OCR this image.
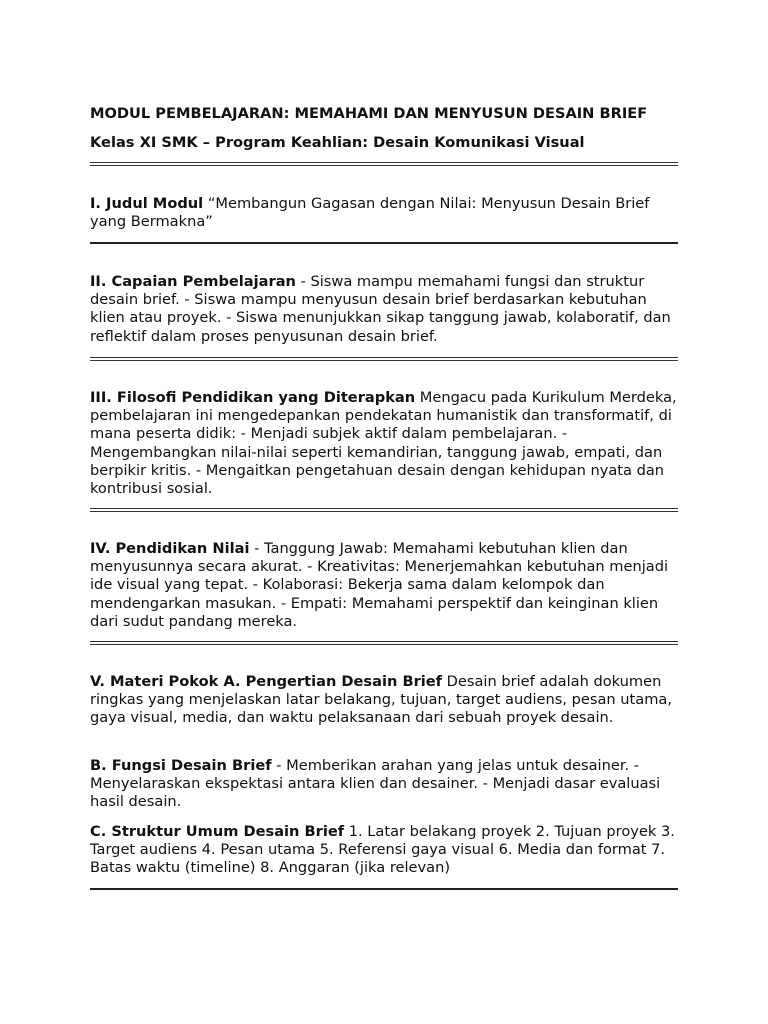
MODUL PEMBELAJARAN: MEMAHAMI DAN MENYUSUN DESAIN BRIEF
Kelas XI SMK – Program Keahlian: Desain Komunikasi Visual

I. Judul Modul “Membangun Gagasan dengan Nilai: Menyusun Desain Brief yang Bermakna”

II. Capaian Pembelajaran - Siswa mampu memahami fungsi dan struktur desain brief. - Siswa mampu menyusun desain brief berdasarkan kebutuhan klien atau proyek. - Siswa menunjukkan sikap tanggung jawab, kolaboratif, dan reflektif dalam proses penyusunan desain brief.

III. Filosofi Pendidikan yang Diterapkan Mengacu pada Kurikulum Merdeka, pembelajaran ini mengedepankan pendekatan humanistik dan transformatif, di mana peserta didik: - Menjadi subjek aktif dalam pembelajaran. - Mengembangkan nilai-nilai seperti kemandirian, tanggung jawab, empati, dan berpikir kritis. - Mengaitkan pengetahuan desain dengan kehidupan nyata dan kontribusi sosial.

IV. Pendidikan Nilai - Tanggung Jawab: Memahami kebutuhan klien dan menyusunnya secara akurat. - Kreativitas: Menerjemahkan kebutuhan menjadi ide visual yang tepat. - Kolaborasi: Bekerja sama dalam kelompok dan mendengarkan masukan. - Empati: Memahami perspektif dan keinginan klien dari sudut pandang mereka.

V. Materi Pokok A. Pengertian Desain Brief Desain brief adalah dokumen ringkas yang menjelaskan latar belakang, tujuan, target audiens, pesan utama, gaya visual, media, dan waktu pelaksanaan dari sebuah proyek desain.

B. Fungsi Desain Brief - Memberikan arahan yang jelas untuk desainer. - Menyelaraskan ekspektasi antara klien dan desainer. - Menjadi dasar evaluasi hasil desain.

C. Struktur Umum Desain Brief 1. Latar belakang proyek 2. Tujuan proyek 3. Target audiens 4. Pesan utama 5. Referensi gaya visual 6. Media dan format 7. Batas waktu (timeline) 8. Anggaran (jika relevan)
